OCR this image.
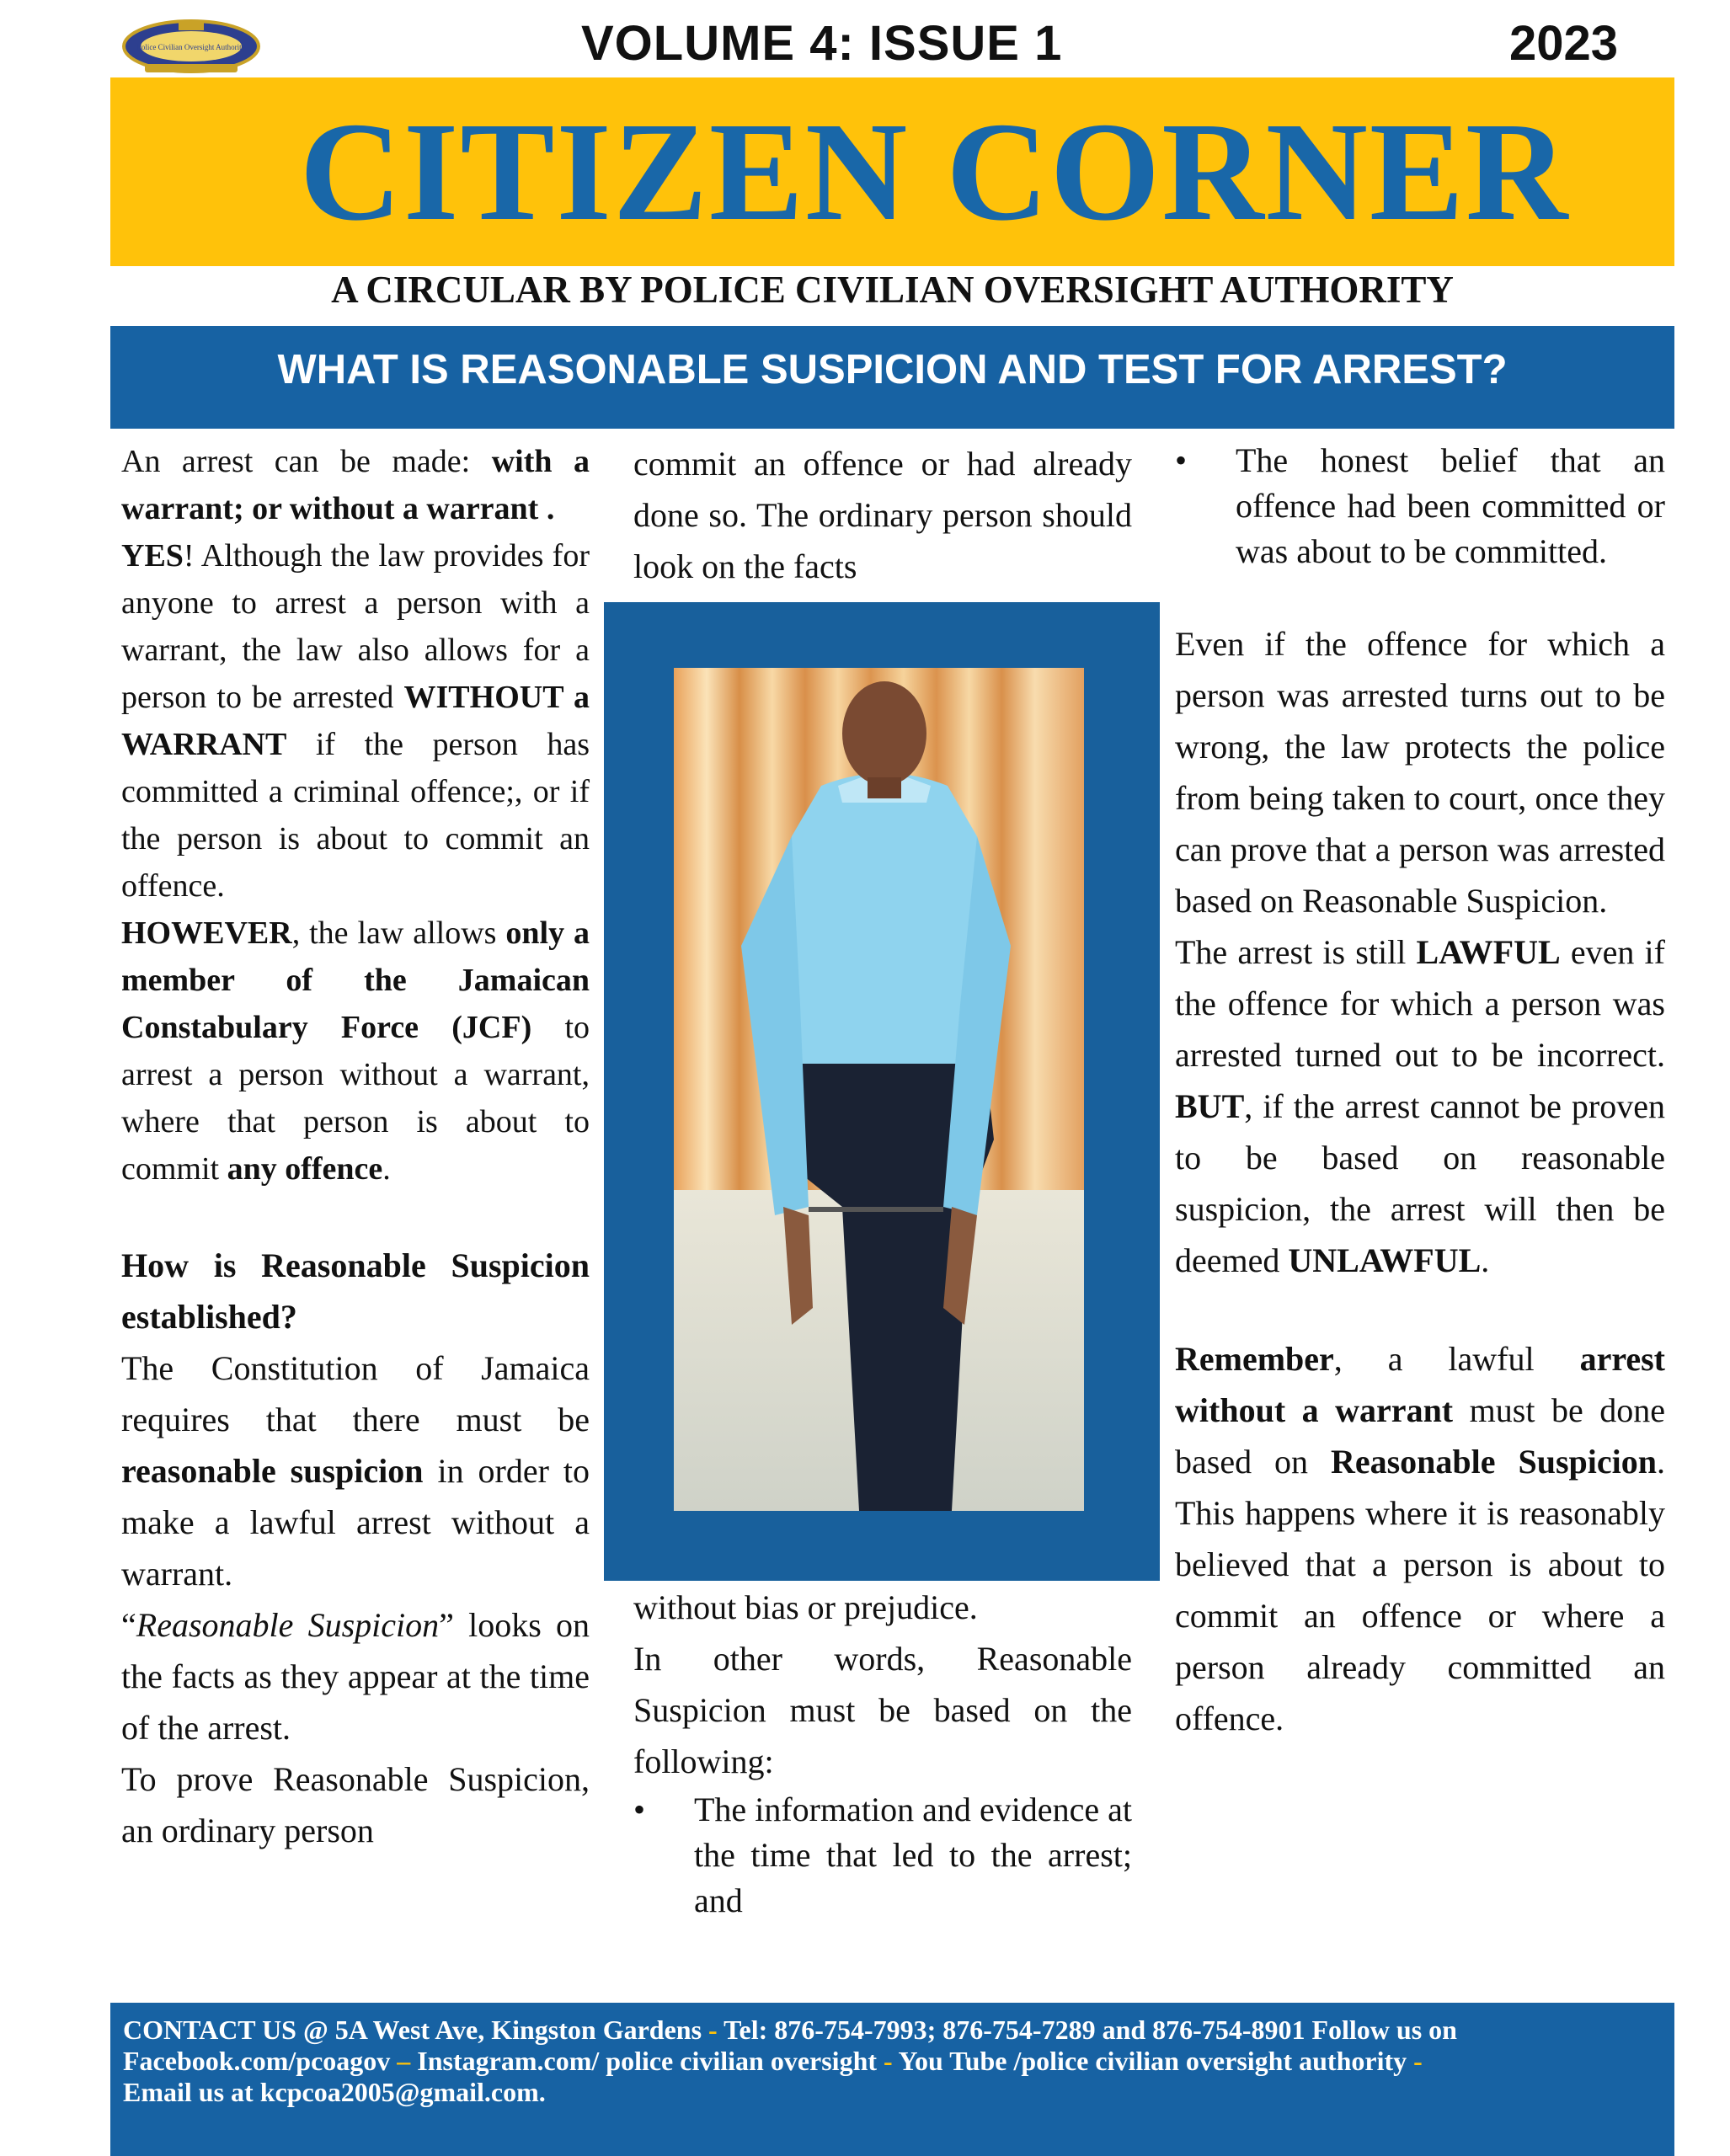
Police Civilian Oversight Authority	VOLUME 4: ISSUE 1	2023
CITIZEN CORNER
A CIRCULAR BY POLICE CIVILIAN OVERSIGHT AUTHORITY
WHAT IS REASONABLE SUSPICION AND TEST FOR ARREST?

An arrest can be made: with a warrant; or without a warrant .

YES! Although the law provides for anyone to arrest a person with a warrant, the law also allows for a person to be arrested WITHOUT a WARRANT if the person has committed a criminal offence;, or if the person is about to commit an offence.

HOWEVER, the law allows only a member of the Jamaican Constabulary Force (JCF) to arrest a person without a warrant, where that person is about to commit any offence.

How is Reasonable Suspicion established?

The Constitution of Jamaica requires that there must be reasonable suspicion in order to make a lawful arrest without a warrant.

“Reasonable Suspicion” looks on the facts as they appear at the time of the arrest.

To prove Reasonable Suspicion, an ordinary person

commit an offence or had already done so. The ordinary person should look on the facts

without bias or prejudice.

In other words, Reasonable Suspicion must be based on the following:

•	The information and evidence at the time that led to the arrest; and
•	The honest belief that an offence had been committed or was about to be committed.

Even if the offence for which a person was arrested turns out to be wrong, the law protects the police from being taken to court, once they can prove that a person was arrested based on Reasonable Suspicion.

The arrest is still LAWFUL even if the offence for which a person was arrested turned out to be incorrect. BUT, if the arrest cannot be proven to be based on reasonable suspicion, the arrest will then be deemed UNLAWFUL.

Remember, a lawful arrest without a warrant must be done based on Reasonable Suspicion. This happens where it is reasonably believed that a person is about to commit an offence or where a person already committed an offence.

CONTACT US @ 5A West Ave, Kingston Gardens - Tel: 876-754-7993; 876-754-7289 and 876-754-8901 Follow us on Facebook.com/pcoagov – Instagram.com/ police civilian oversight - You Tube /police civilian oversight authority -
Email us at kcpcoa2005@gmail.com.
